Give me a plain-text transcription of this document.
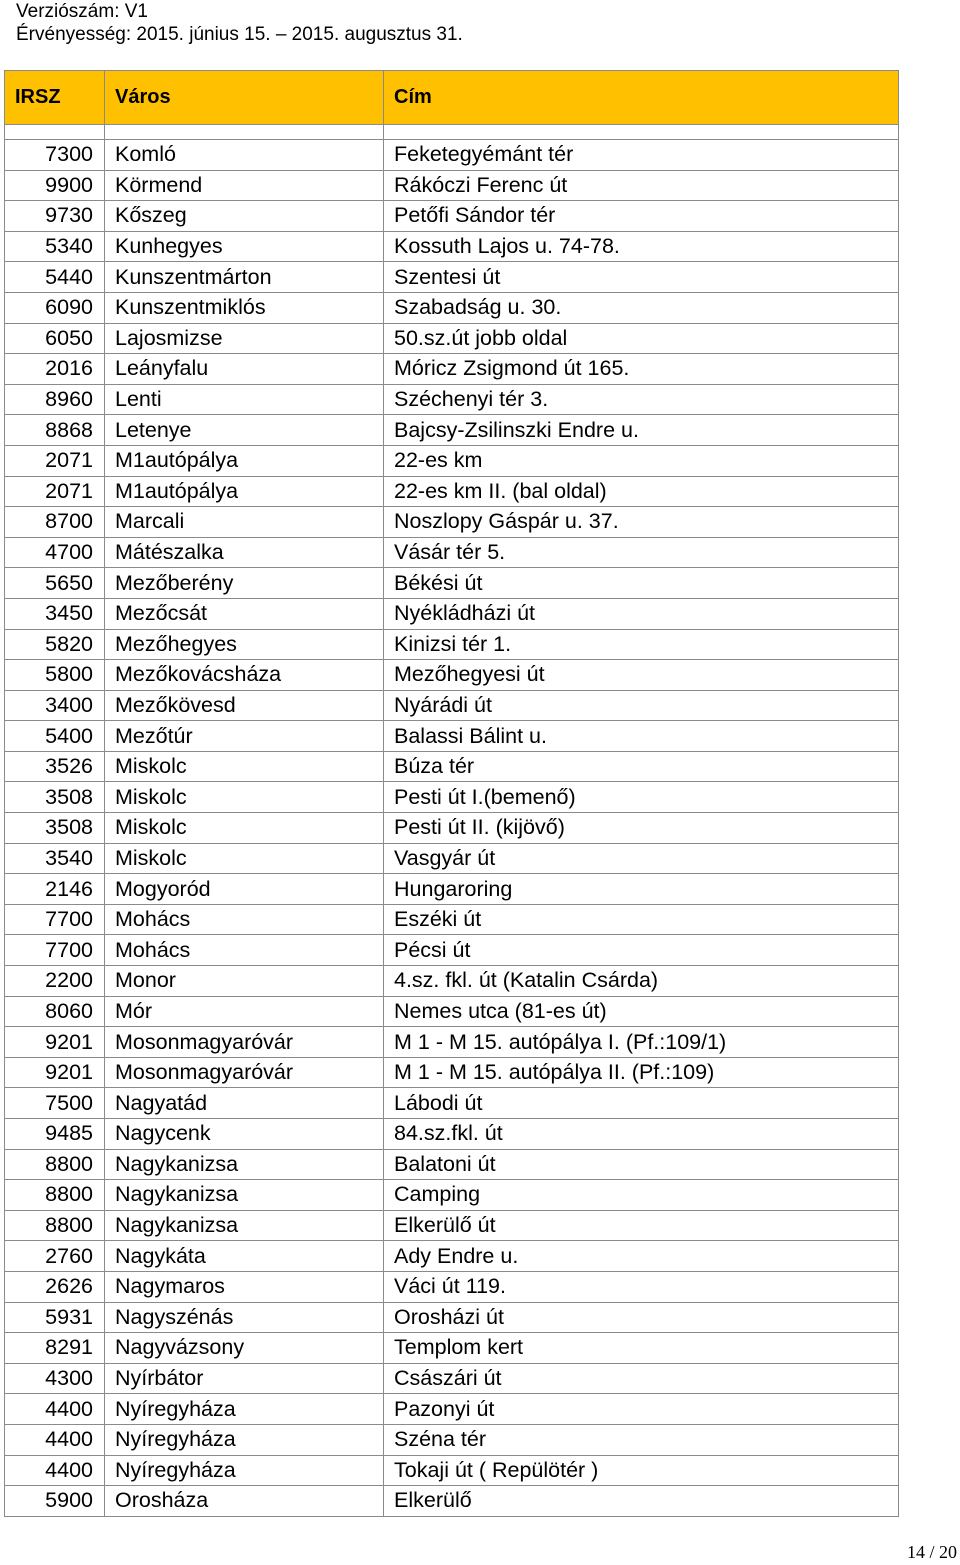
Verziószám: V1
Érvényesség: 2015. június 15. – 2015. augusztus 31.
IRSZ	Város	Cím

7300	Komló	Feketegyémánt tér
9900	Körmend	Rákóczi Ferenc út
9730	Kőszeg	Petőfi Sándor tér
5340	Kunhegyes	Kossuth Lajos u. 74-78.
5440	Kunszentmárton	Szentesi út
6090	Kunszentmiklós	Szabadság u. 30.
6050	Lajosmizse	50.sz.út jobb oldal
2016	Leányfalu	Móricz Zsigmond út 165.
8960	Lenti	Széchenyi tér 3.
8868	Letenye	Bajcsy-Zsilinszki Endre u.
2071	M1autópálya	22-es km
2071	M1autópálya	22-es km II. (bal oldal)
8700	Marcali	Noszlopy Gáspár u. 37.
4700	Mátészalka	Vásár tér 5.
5650	Mezőberény	Békési út
3450	Mezőcsát	Nyékládházi út
5820	Mezőhegyes	Kinizsi tér 1.
5800	Mezőkovácsháza	Mezőhegyesi út
3400	Mezőkövesd	Nyárádi út
5400	Mezőtúr	Balassi Bálint u.
3526	Miskolc	Búza tér
3508	Miskolc	Pesti út I.(bemenő)
3508	Miskolc	Pesti út II. (kijövő)
3540	Miskolc	Vasgyár út
2146	Mogyoród	Hungaroring
7700	Mohács	Eszéki út
7700	Mohács	Pécsi út
2200	Monor	4.sz. fkl. út (Katalin Csárda)
8060	Mór	Nemes utca (81-es út)
9201	Mosonmagyaróvár	M 1 - M 15. autópálya I. (Pf.:109/1)
9201	Mosonmagyaróvár	M 1 - M 15. autópálya II. (Pf.:109)
7500	Nagyatád	Lábodi út
9485	Nagycenk	84.sz.fkl. út
8800	Nagykanizsa	Balatoni út
8800	Nagykanizsa	Camping
8800	Nagykanizsa	Elkerülő út
2760	Nagykáta	Ady Endre u.
2626	Nagymaros	Váci út 119.
5931	Nagyszénás	Orosházi út
8291	Nagyvázsony	Templom kert
4300	Nyírbátor	Császári út
4400	Nyíregyháza	Pazonyi út
4400	Nyíregyháza	Széna tér
4400	Nyíregyháza	Tokaji út ( Repülötér )
5900	Orosháza	Elkerülő
14 / 20
